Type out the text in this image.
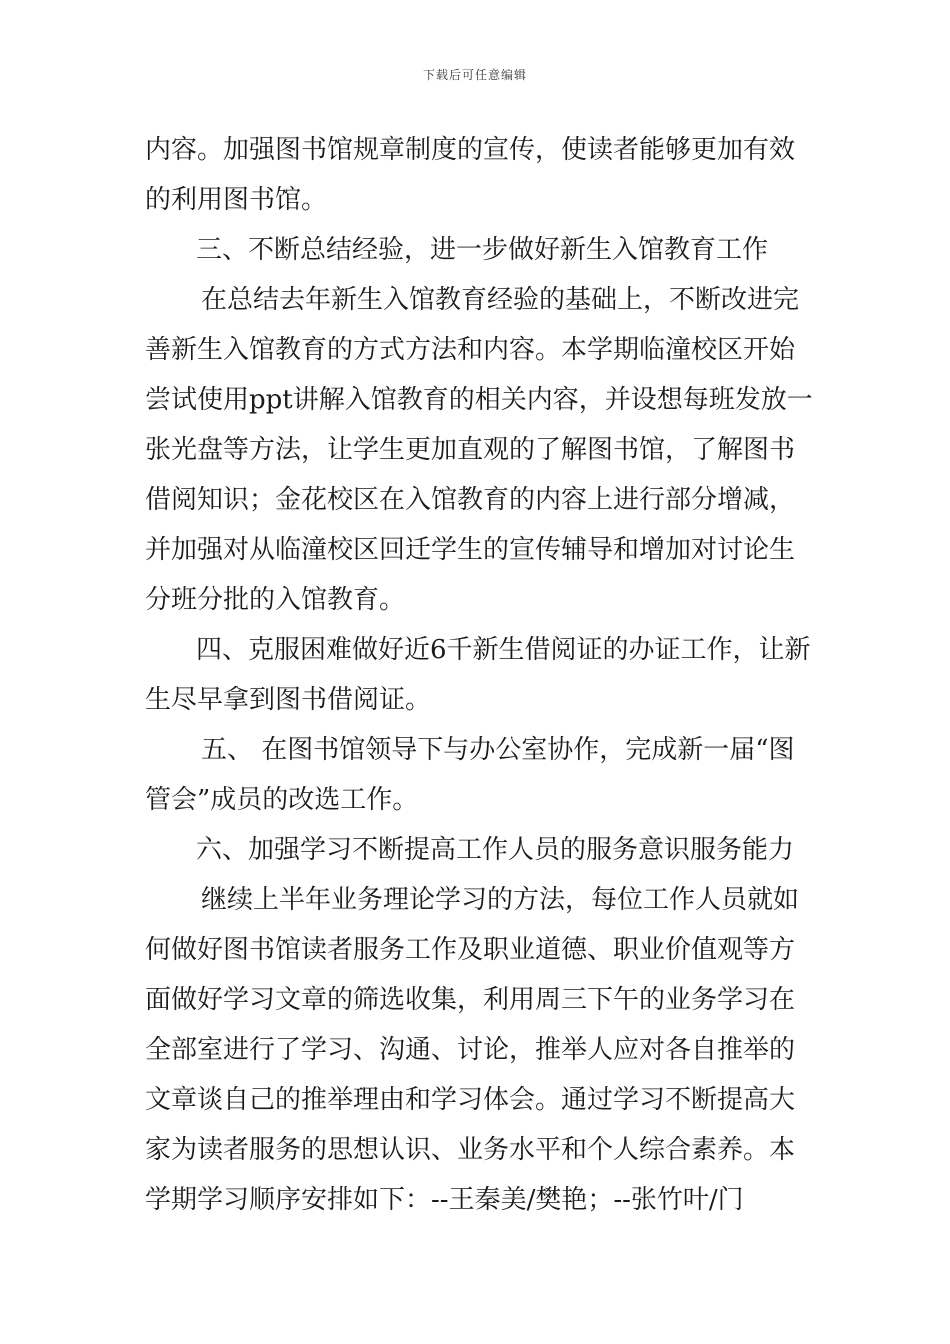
下载后可任意编辑
内容。加强图书馆规章制度的宣传，使读者能够更加有效
的利用图书馆。
三、不断总结经验，进一步做好新生入馆教育工作
在总结去年新生入馆教育经验的基础上，不断改进完
善新生入馆教育的方式方法和内容。本学期临潼校区开始
尝试使用ppt讲解入馆教育的相关内容，并设想每班发放一
张光盘等方法，让学生更加直观的了解图书馆，了解图书
借阅知识；金花校区在入馆教育的内容上进行部分增减，
并加强对从临潼校区回迁学生的宣传辅导和增加对讨论生
分班分批的入馆教育。
四、克服困难做好近6千新生借阅证的办证工作，让新
生尽早拿到图书借阅证。
五、 在图书馆领导下与办公室协作，完成新一届“图
管会”成员的改选工作。
六、加强学习不断提高工作人员的服务意识服务能力
继续上半年业务理论学习的方法，每位工作人员就如
何做好图书馆读者服务工作及职业道德、职业价值观等方
面做好学习文章的筛选收集，利用周三下午的业务学习在
全部室进行了学习、沟通、讨论，推举人应对各自推举的
文章谈自己的推举理由和学习体会。通过学习不断提高大
家为读者服务的思想认识、业务水平和个人综合素养。本
学期学习顺序安排如下：--王秦美/樊艳；--张竹叶/门
